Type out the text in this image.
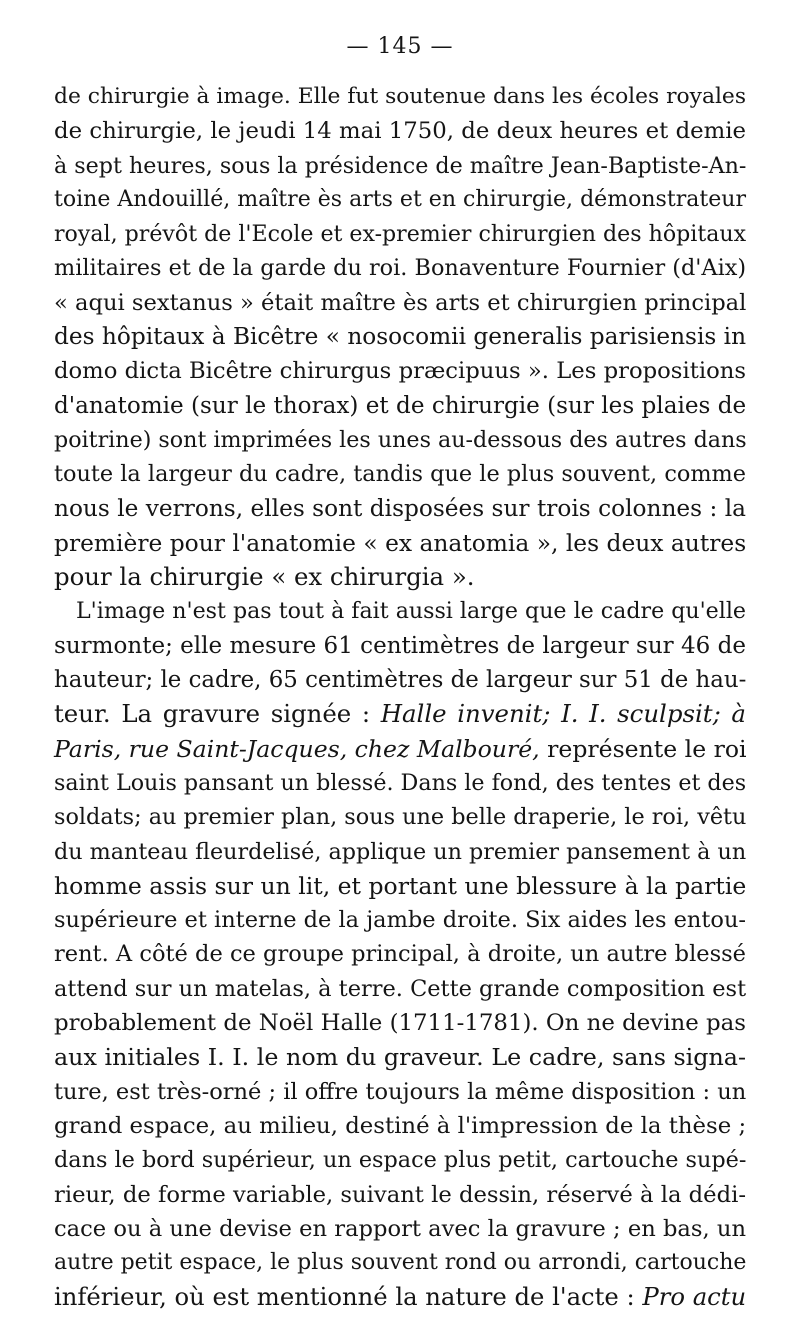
— 145 —
de chirurgie à image. Elle fut soutenue dans les écoles royales
de chirurgie, le jeudi 14 mai 1750, de deux heures et demie
à sept heures, sous la présidence de maître Jean-Baptiste-An-
toine Andouillé, maître ès arts et en chirurgie, démonstrateur
royal, prévôt de l'Ecole et ex-premier chirurgien des hôpitaux
militaires et de la garde du roi. Bonaventure Fournier (d'Aix)
« aqui sextanus » était maître ès arts et chirurgien principal
des hôpitaux à Bicêtre « nosocomii generalis parisiensis in
domo dicta Bicêtre chirurgus præcipuus ». Les propositions
d'anatomie (sur le thorax) et de chirurgie (sur les plaies de
poitrine) sont imprimées les unes au-dessous des autres dans
toute la largeur du cadre, tandis que le plus souvent, comme
nous le verrons, elles sont disposées sur trois colonnes : la
première pour l'anatomie « ex anatomia », les deux autres
pour la chirurgie « ex chirurgia ».
L'image n'est pas tout à fait aussi large que le cadre qu'elle
surmonte; elle mesure 61 centimètres de largeur sur 46 de
hauteur; le cadre, 65 centimètres de largeur sur 51 de hau-
teur. La gravure signée : Halle invenit; I. I. sculpsit; à
Paris, rue Saint-Jacques, chez Malbouré, représente le roi
saint Louis pansant un blessé. Dans le fond, des tentes et des
soldats; au premier plan, sous une belle draperie, le roi, vêtu
du manteau fleurdelisé, applique un premier pansement à un
homme assis sur un lit, et portant une blessure à la partie
supérieure et interne de la jambe droite. Six aides les entou-
rent. A côté de ce groupe principal, à droite, un autre blessé
attend sur un matelas, à terre. Cette grande composition est
probablement de Noël Halle (1711-1781). On ne devine pas
aux initiales I. I. le nom du graveur. Le cadre, sans signa-
ture, est très-orné ; il offre toujours la même disposition : un
grand espace, au milieu, destiné à l'impression de la thèse ;
dans le bord supérieur, un espace plus petit, cartouche supé-
rieur, de forme variable, suivant le dessin, réservé à la dédi-
cace ou à une devise en rapport avec la gravure ; en bas, un
autre petit espace, le plus souvent rond ou arrondi, cartouche
inférieur, où est mentionné la nature de l'acte : Pro actu
